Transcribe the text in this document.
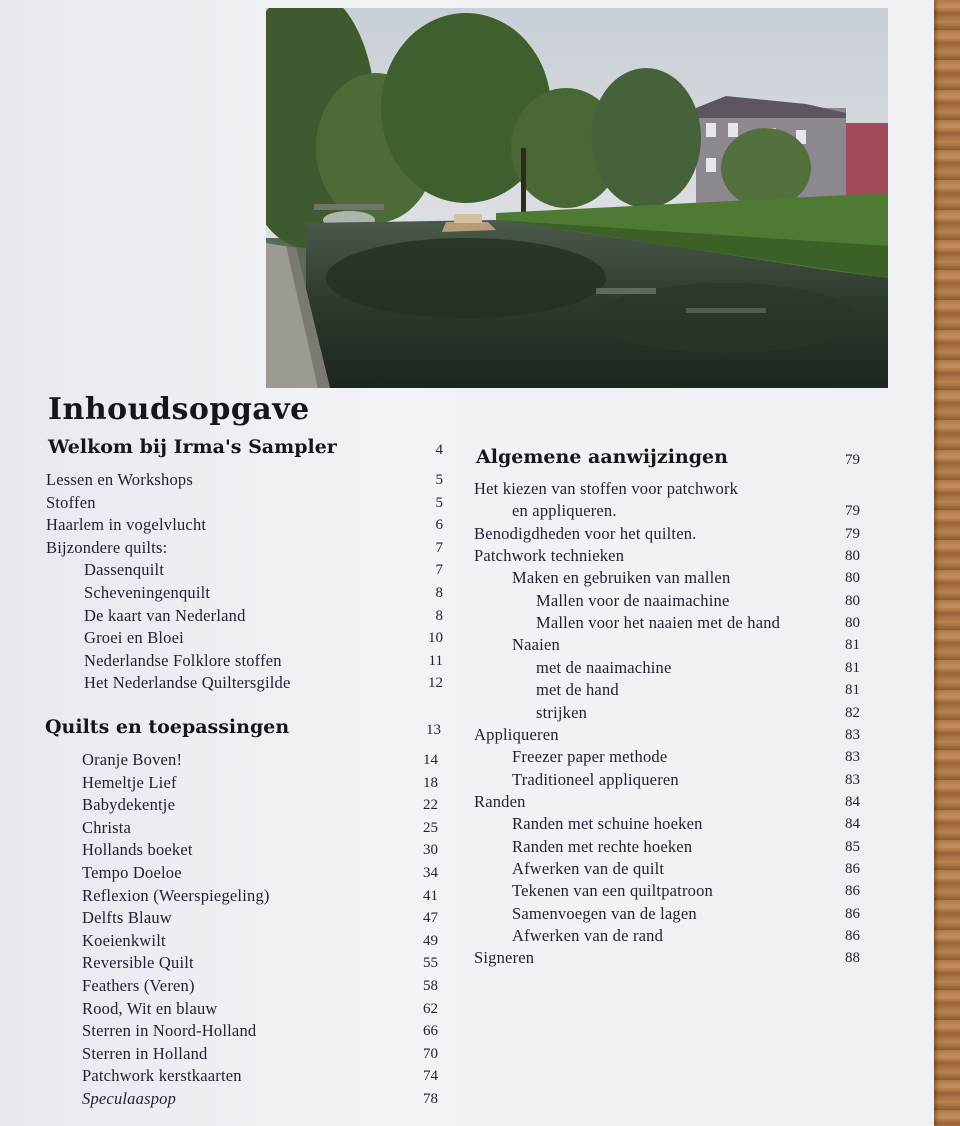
Inhoudsopgave
Welkom bij Irma's Sampler	4
Lessen en Workshops	5
Stoffen	5
Haarlem in vogelvlucht	6
Bijzondere quilts:	7
Dassenquilt	7
Scheveningenquilt	8
De kaart van Nederland	8
Groei en Bloei	10
Nederlandse Folklore stoffen	11
Het Nederlandse Quiltersgilde	12
Quilts en toepassingen	13
Oranje Boven!	14
Hemeltje Lief	18
Babydekentje	22
Christa	25
Hollands boeket	30
Tempo Doeloe	34
Reflexion (Weerspiegeling)	41
Delfts Blauw	47
Koeienkwilt	49
Reversible Quilt	55
Feathers (Veren)	58
Rood, Wit en blauw	62
Sterren in Noord-Holland	66
Sterren in Holland	70
Patchwork kerstkaarten	74
Speculaaspop	78
Algemene aanwijzingen	79
Het kiezen van stoffen voor patchwork
en appliqueren.	79
Benodigdheden voor het quilten.	79
Patchwork technieken	80
Maken en gebruiken van mallen	80
Mallen voor de naaimachine	80
Mallen voor het naaien met de hand	80
Naaien	81
met de naaimachine	81
met de hand	81
strijken	82
Appliqueren	83
Freezer paper methode	83
Traditioneel appliqueren	83
Randen	84
Randen met schuine hoeken	84
Randen met rechte hoeken	85
Afwerken van de quilt	86
Tekenen van een quiltpatroon	86
Samenvoegen van de lagen	86
Afwerken van de rand	86
Signeren	88
